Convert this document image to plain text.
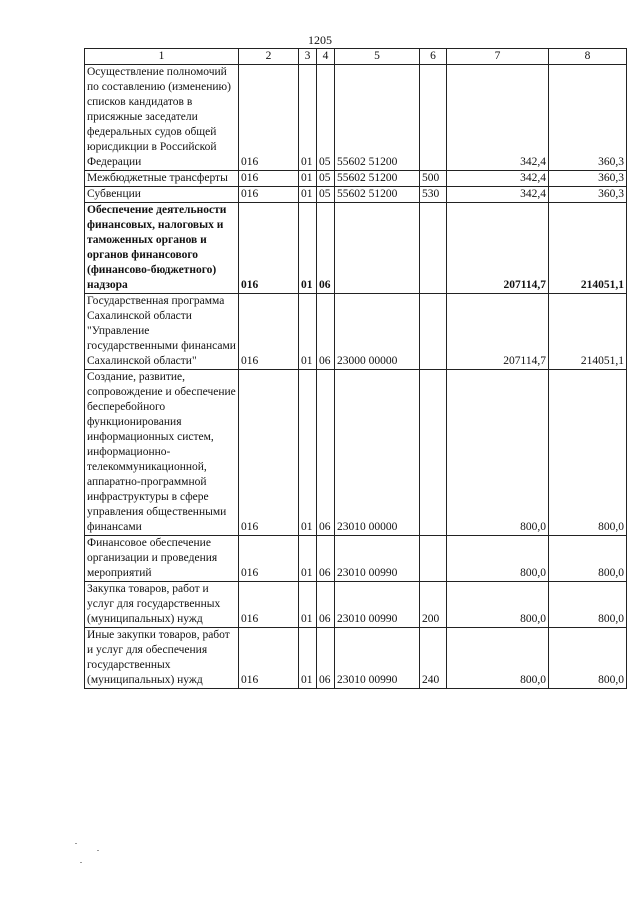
1205
1	2	3	4	5	6	7	8
Осуществление полномочий по составлению (изменению) списков кандидатов в присяжные заседатели федеральных судов общей юрисдикции в Российской Федерации	016	01	05	55602 51200		342,4	360,3
Межбюджетные трансферты	016	01	05	55602 51200	500	342,4	360,3
Субвенции	016	01	05	55602 51200	530	342,4	360,3
Обеспечение деятельности финансовых, налоговых и таможенных органов и органов финансового (финансово-бюджетного) надзора	016	01	06			207114,7	214051,1
Государственная программа Сахалинской области "Управление государственными финансами Сахалинской области"	016	01	06	23000 00000		207114,7	214051,1
Создание, развитие, сопровождение и обеспечение бесперебойного функционирования информационных систем, информационно-телекоммуникационной, аппаратно-программной инфраструктуры в сфере управления общественными финансами	016	01	06	23010 00000		800,0	800,0
Финансовое обеспечение организации и проведения мероприятий	016	01	06	23010 00990		800,0	800,0
Закупка товаров, работ и услуг для государственных (муниципальных) нужд	016	01	06	23010 00990	200	800,0	800,0
Иные закупки товаров, работ и услуг для обеспечения государственных (муниципальных) нужд	016	01	06	23010 00990	240	800,0	800,0
